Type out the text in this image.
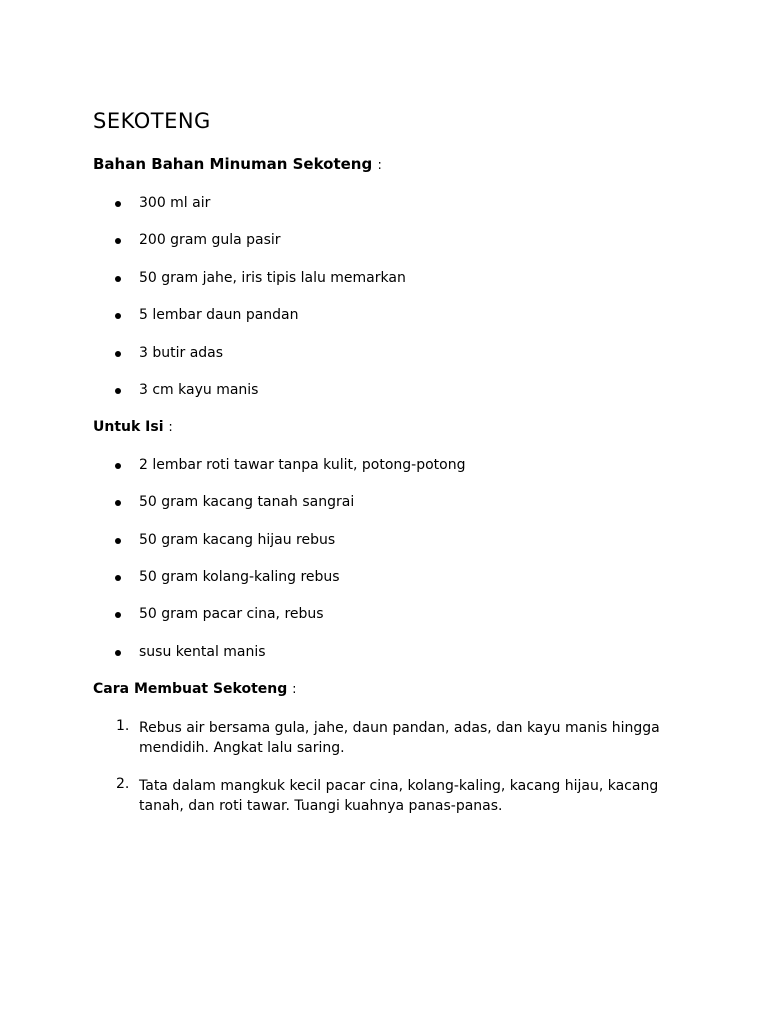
SEKOTENG
Bahan Bahan Minuman Sekoteng :
300 ml air
200 gram gula pasir
50 gram jahe, iris tipis lalu memarkan
5 lembar daun pandan
3 butir adas
3 cm kayu manis
Untuk Isi :
2 lembar roti tawar tanpa kulit, potong-potong
50 gram kacang tanah sangrai
50 gram kacang hijau rebus
50 gram kolang-kaling rebus
50 gram pacar cina, rebus
susu kental manis
Cara Membuat Sekoteng :
1. Rebus air bersama gula, jahe, daun pandan, adas, dan kayu manis hingga mendidih. Angkat lalu saring.
2. Tata dalam mangkuk kecil pacar cina, kolang-kaling, kacang hijau, kacang tanah, dan roti tawar. Tuangi kuahnya panas-panas.
